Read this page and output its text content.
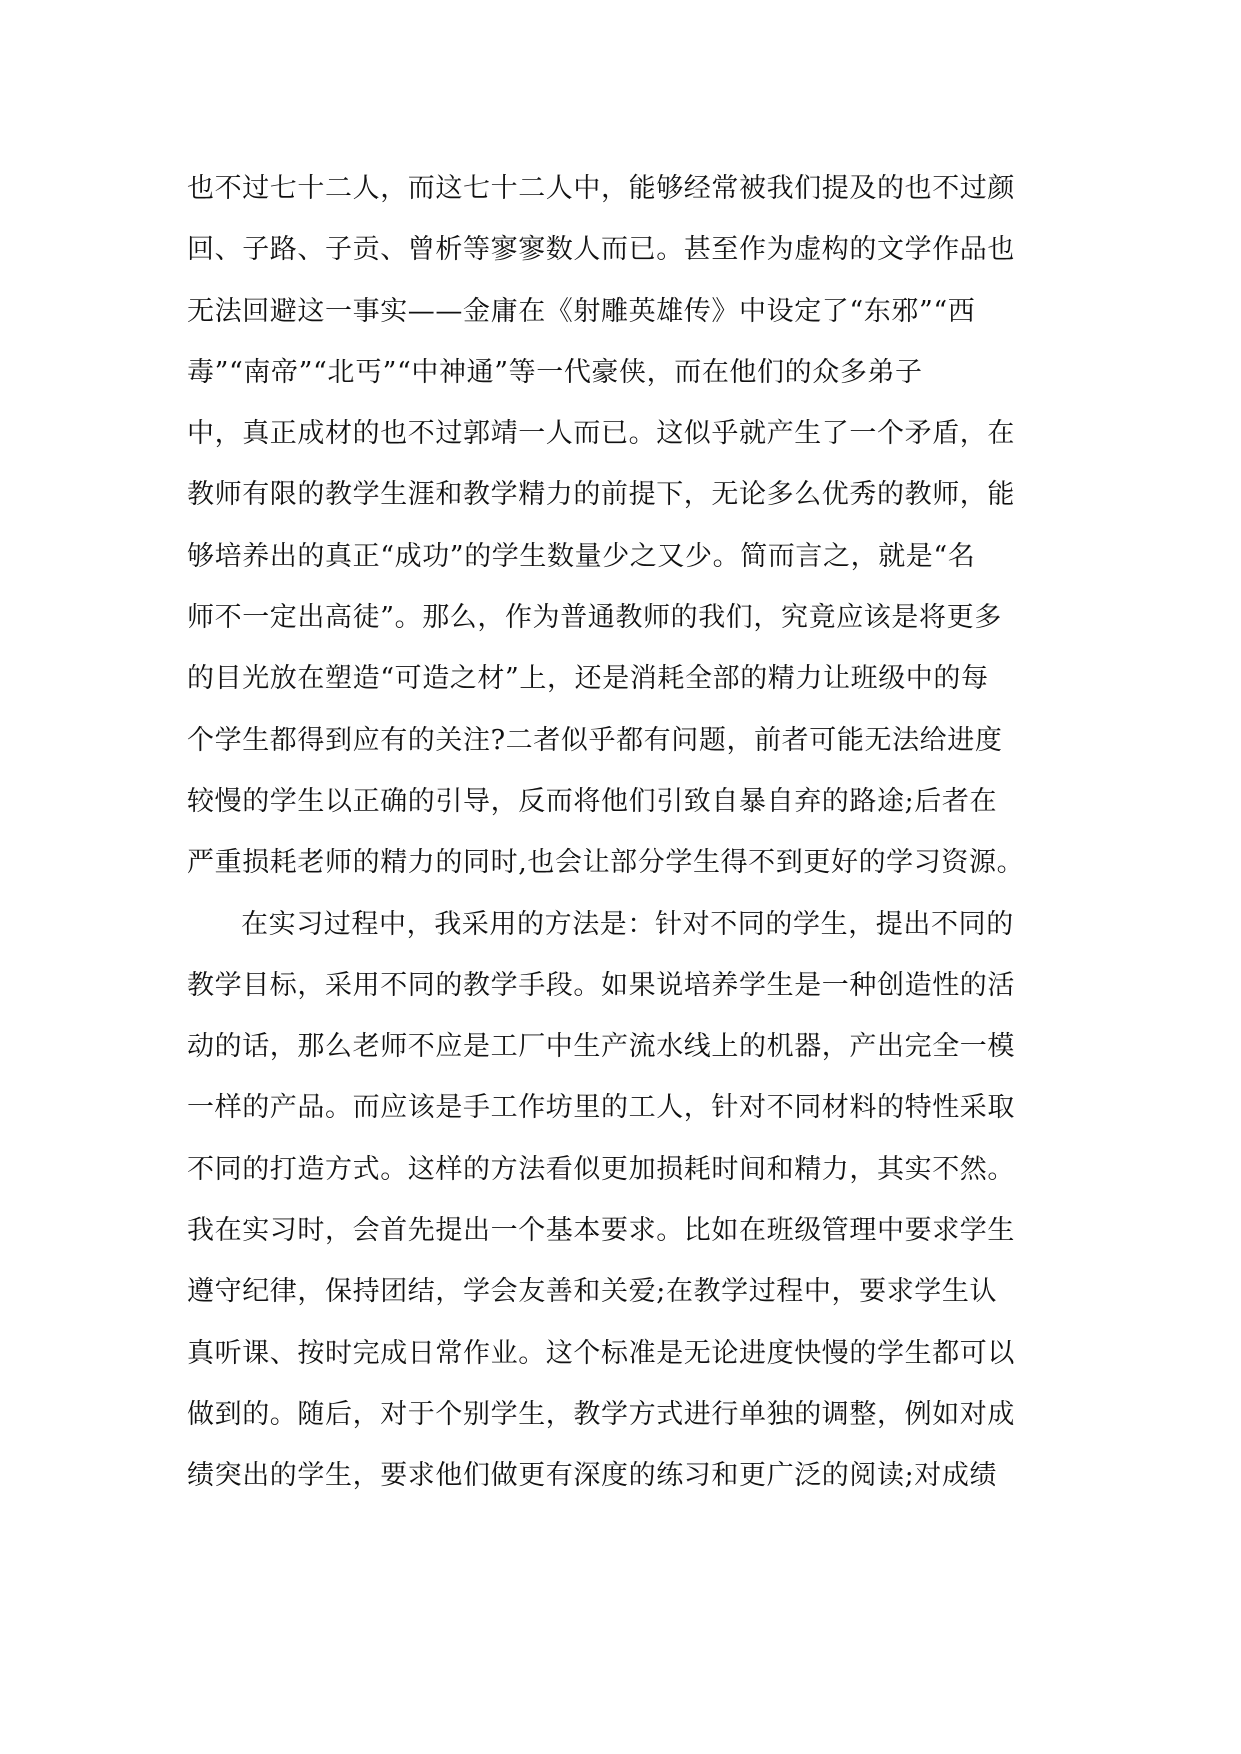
也不过七十二人，而这七十二人中，能够经常被我们提及的也不过颜
回、子路、子贡、曾析等寥寥数人而已。甚至作为虚构的文学作品也
无法回避这一事实——金庸在《射雕英雄传》中设定了“东邪”“西
毒”“南帝”“北丐”“中神通”等一代豪侠，而在他们的众多弟子
中，真正成材的也不过郭靖一人而已。这似乎就产生了一个矛盾，在
教师有限的教学生涯和教学精力的前提下，无论多么优秀的教师，能
够培养出的真正“成功”的学生数量少之又少。简而言之，就是“名
师不一定出高徒”。那么，作为普通教师的我们，究竟应该是将更多
的目光放在塑造“可造之材”上，还是消耗全部的精力让班级中的每
个学生都得到应有的关注?二者似乎都有问题，前者可能无法给进度
较慢的学生以正确的引导，反而将他们引致自暴自弃的路途;后者在
严重损耗老师的精力的同时,也会让部分学生得不到更好的学习资源。
在实习过程中，我采用的方法是：针对不同的学生，提出不同的
教学目标，采用不同的教学手段。如果说培养学生是一种创造性的活
动的话，那么老师不应是工厂中生产流水线上的机器，产出完全一模
一样的产品。而应该是手工作坊里的工人，针对不同材料的特性采取
不同的打造方式。这样的方法看似更加损耗时间和精力，其实不然。
我在实习时，会首先提出一个基本要求。比如在班级管理中要求学生
遵守纪律，保持团结，学会友善和关爱;在教学过程中，要求学生认
真听课、按时完成日常作业。这个标准是无论进度快慢的学生都可以
做到的。随后，对于个别学生，教学方式进行单独的调整，例如对成
绩突出的学生，要求他们做更有深度的练习和更广泛的阅读;对成绩
